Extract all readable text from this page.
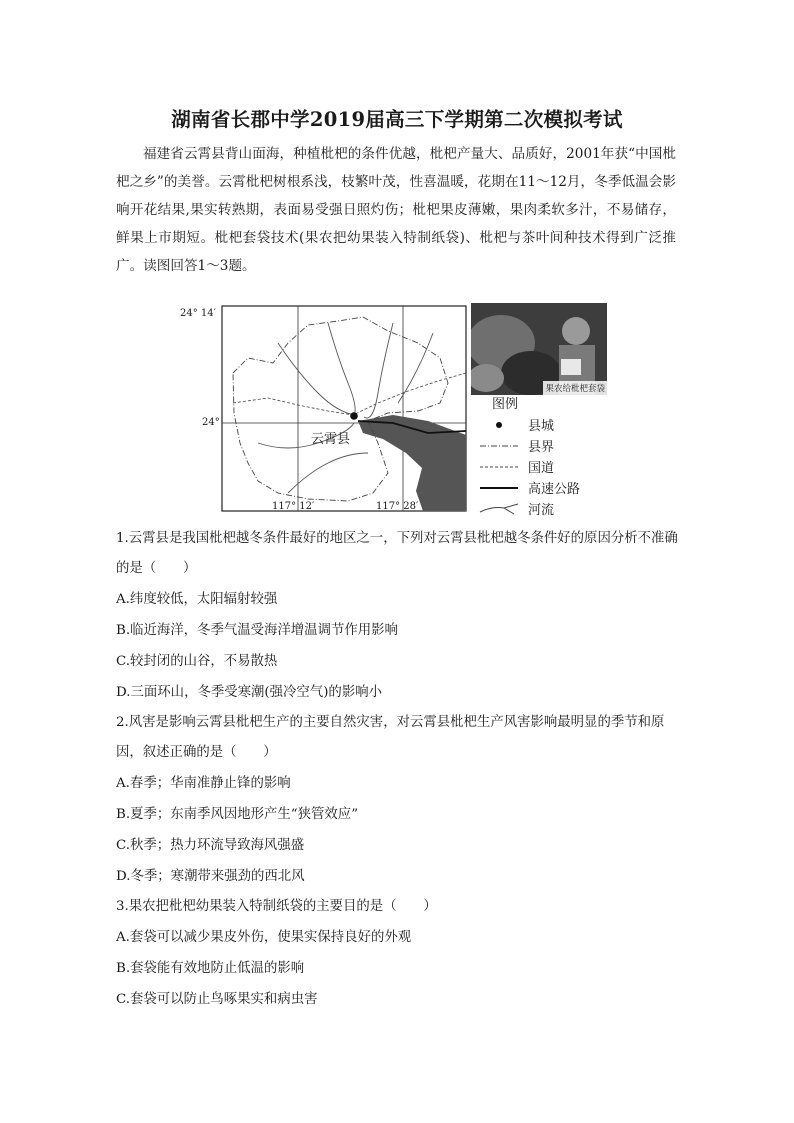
湖南省长郡中学2019届高三下学期第二次模拟考试

福建省云霄县背山面海，种植枇杷的条件优越，枇杷产量大、品质好，2001年获“中国枇杷之乡”的美誉。云霄枇杷树根系浅，枝繁叶茂，性喜温暖，花期在11～12月，冬季低温会影响开花结果,果实转熟期，表面易受强日照灼伤；枇杷果皮薄嫩，果肉柔软多汁，不易储存，鲜果上市期短。枇杷套袋技术(果农把幼果装入特制纸袋)、枇杷与茶叶间种技术得到广泛推广。读图回答1～3题。

24° 14′
24°
117° 12′	117° 28′
云霄县
果农给枇杷套袋
图例
县城
县界
国道
高速公路
河流
1.云霄县是我国枇杷越冬条件最好的地区之一，下列对云霄县枇杷越冬条件好的原因分析不准确的是（　　）
A.纬度较低，太阳辐射较强
B.临近海洋，冬季气温受海洋增温调节作用影响
C.较封闭的山谷，不易散热
D.三面环山，冬季受寒潮(强冷空气)的影响小
2.风害是影响云霄县枇杷生产的主要自然灾害，对云霄县枇杷生产风害影响最明显的季节和原因，叙述正确的是（　　）
A.春季；华南准静止锋的影响
B.夏季；东南季风因地形产生“狭管效应”
C.秋季；热力环流导致海风强盛
D.冬季；寒潮带来强劲的西北风
3.果农把枇杷幼果装入特制纸袋的主要目的是（　　）
A.套袋可以减少果皮外伤，使果实保持良好的外观
B.套袋能有效地防止低温的影响
C.套袋可以防止鸟啄果实和病虫害
